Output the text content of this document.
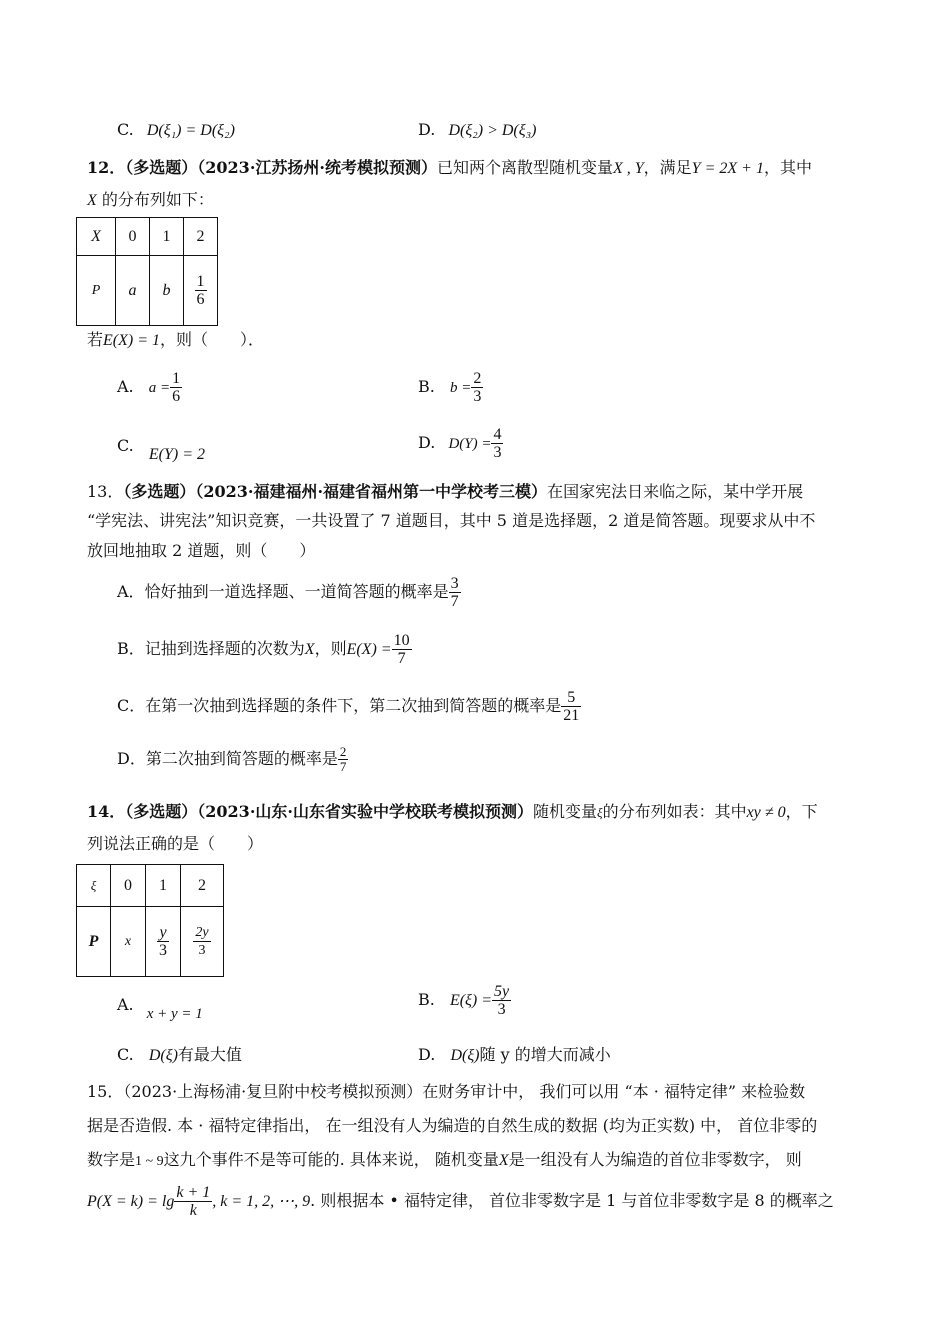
C. D(ξ₁) = D(ξ₂)	D. D(ξ₂) > D(ξ₃)
12．（多选题）（2023·江苏扬州·统考模拟预测）已知两个离散型随机变量X , Y，满足Y = 2X + 1，其中
X 的分布列如下：
X	0	1	2
P	a	b	$\frac{1}{6}$
若E(X) = 1，则（　　）．
A. $a = \frac{1}{6}$	B. $b = \frac{2}{3}$
C. E(Y) = 2
D. $D(Y) = \frac{4}{3}$
13．（多选题）（2023·福建福州·福建省福州第一中学校考三模）在国家宪法日来临之际，某中学开展
“学宪法、讲宪法”知识竞赛，一共设置了 7 道题目，其中 5 道是选择题，2 道是简答题。现要求从中不
放回地抽取 2 道题，则（　　）
A．恰好抽到一道选择题、一道简答题的概率是 $\frac{3}{7}$
B．记抽到选择题的次数为X，则$E(X) = \frac{10}{7}$
C．在第一次抽到选择题的条件下，第二次抽到简答题的概率是 $\frac{5}{21}$
D．第二次抽到简答题的概率是 $\frac{2}{7}$
14．（多选题）（2023·山东·山东省实验中学校联考模拟预测）随机变量ξ的分布列如表：其中xy ≠ 0，下
列说法正确的是（　　）
ξ	0	1	2
P	x	$\frac{y}{3}$	$\frac{2y}{3}$
A. x + y = 1
B. $E(\xi) = \frac{5y}{3}$
C. D(ξ)有最大值	D. D(ξ)随 y 的增大而减小
15．（2023·上海杨浦·复旦附中校考模拟预测）在财务审计中， 我们可以用 “本 · 福特定律” 来检验数
据是否造假. 本 · 福特定律指出， 在一组没有人为编造的自然生成的数据 (均为正实数) 中， 首位非零的
数字是1 ~ 9这九个事件不是等可能的. 具体来说， 随机变量X是一组没有人为编造的首位非零数字， 则
$P(X = k) = \lg \frac{k + 1}{k}$ , k = 1, 2, ⋯, 9. 则根据本 • 福特定律， 首位非零数字是 1 与首位非零数字是 8 的概率之
